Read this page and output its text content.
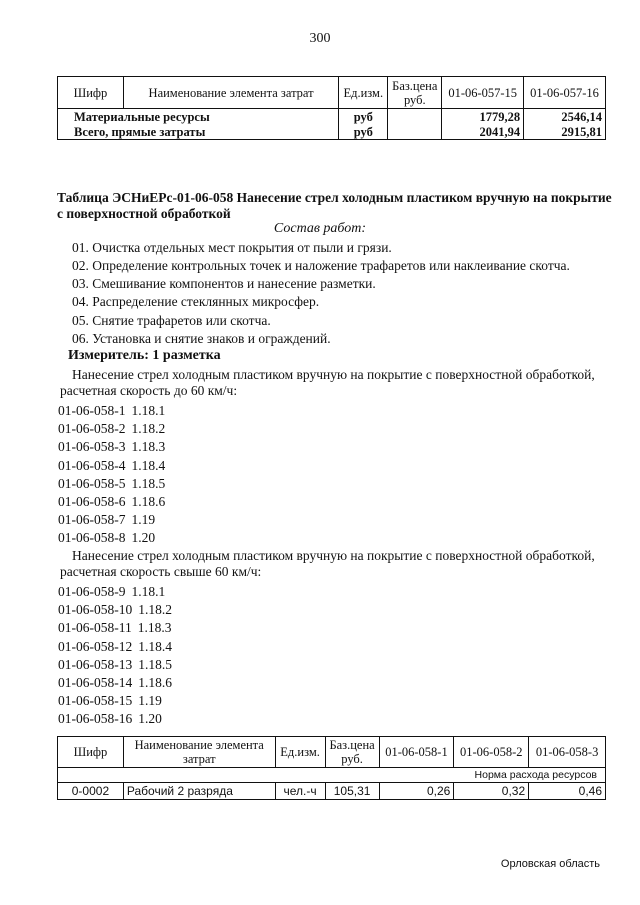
300
Шифр	Наименование элемента затрат	Ед.изм.	Баз.цена руб.	01-06-057-15	01-06-057-16
Материальные ресурсы		руб		1779,28	2546,14
Всего, прямые затраты		руб		2041,94	2915,81
Таблица ЭСНиЕРс-01-06-058 Нанесение стрел холодным пластиком вручную на покрытие
с поверхностной обработкой
Состав работ:
01. Очистка отдельных мест покрытия от пыли и грязи.
02. Определение контрольных точек и наложение трафаретов или наклеивание скотча.
03. Смешивание компонентов и нанесение разметки.
04. Распределение стеклянных микросфер.
05. Снятие трафаретов или скотча.
06. Установка и снятие знаков и ограждений.
Измеритель: 1 разметка
Нанесение стрел холодным пластиком вручную на покрытие с поверхностной обработкой,
расчетная скорость до 60 км/ч:
01-06-058-1 1.18.1
01-06-058-2 1.18.2
01-06-058-3 1.18.3
01-06-058-4 1.18.4
01-06-058-5 1.18.5
01-06-058-6 1.18.6
01-06-058-7 1.19
01-06-058-8 1.20
Нанесение стрел холодным пластиком вручную на покрытие с поверхностной обработкой,
расчетная скорость свыше 60 км/ч:
01-06-058-9 1.18.1
01-06-058-10 1.18.2
01-06-058-11 1.18.3
01-06-058-12 1.18.4
01-06-058-13 1.18.5
01-06-058-14 1.18.6
01-06-058-15 1.19
01-06-058-16 1.20
Шифр	Наименование элемента затрат	Ед.изм.	Баз.цена руб.	01-06-058-1	01-06-058-2	01-06-058-3
Норма расхода ресурсов						
0-0002	Рабочий 2 разряда	чел.-ч	105,31	0,26	0,32	0,46
Орловская область
